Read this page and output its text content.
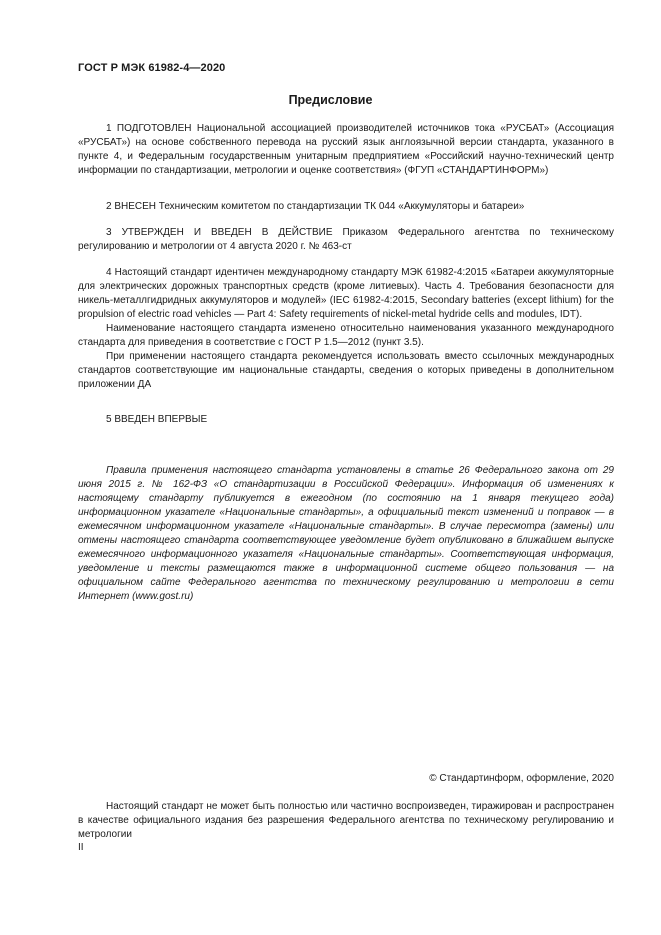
ГОСТ Р МЭК 61982-4—2020
Предисловие

1 ПОДГОТОВЛЕН Национальной ассоциацией производителей источников тока «РУСБАТ» (Ассоциация «РУСБАТ») на основе собственного перевода на русский язык англоязычной версии стандарта, указанного в пункте 4, и Федеральным государственным унитарным предприятием «Российский научно-технический центр информации по стандартизации, метрологии и оценке соответствия» (ФГУП «СТАНДАРТИНФОРМ»)

2 ВНЕСЕН Техническим комитетом по стандартизации ТК 044 «Аккумуляторы и батареи»

3 УТВЕРЖДЕН И ВВЕДЕН В ДЕЙСТВИЕ Приказом Федерального агентства по техническому регулированию и метрологии от 4 августа 2020 г. № 463-ст

4 Настоящий стандарт идентичен международному стандарту МЭК 61982-4:2015 «Батареи аккумуляторные для электрических дорожных транспортных средств (кроме литиевых). Часть 4. Требования безопасности для никель-металлгидридных аккумуляторов и модулей» (IEC 61982-4:2015, Secondary batteries (except lithium) for the propulsion of electric road vehicles — Part 4: Safety requirements of nickel-metal hydride cells and modules, IDT).

Наименование настоящего стандарта изменено относительно наименования указанного международного стандарта для приведения в соответствие с ГОСТ Р 1.5—2012 (пункт 3.5).

При применении настоящего стандарта рекомендуется использовать вместо ссылочных международных стандартов соответствующие им национальные стандарты, сведения о которых приведены в дополнительном приложении ДА

5 ВВЕДЕН ВПЕРВЫЕ

Правила применения настоящего стандарта установлены в статье 26 Федерального закона от 29 июня 2015 г. № 162-ФЗ «О стандартизации в Российской Федерации». Информация об изменениях к настоящему стандарту публикуется в ежегодном (по состоянию на 1 января текущего года) информационном указателе «Национальные стандарты», а официальный текст изменений и поправок — в ежемесячном информационном указателе «Национальные стандарты». В случае пересмотра (замены) или отмены настоящего стандарта соответствующее уведомление будет опубликовано в ближайшем выпуске ежемесячного информационного указателя «Национальные стандарты». Соответствующая информация, уведомление и тексты размещаются также в информационной системе общего пользования — на официальном сайте Федерального агентства по техническому регулированию и метрологии в сети Интернет (www.gost.ru)

© Стандартинформ, оформление, 2020

Настоящий стандарт не может быть полностью или частично воспроизведен, тиражирован и распространен в качестве официального издания без разрешения Федерального агентства по техническому регулированию и метрологии

II
